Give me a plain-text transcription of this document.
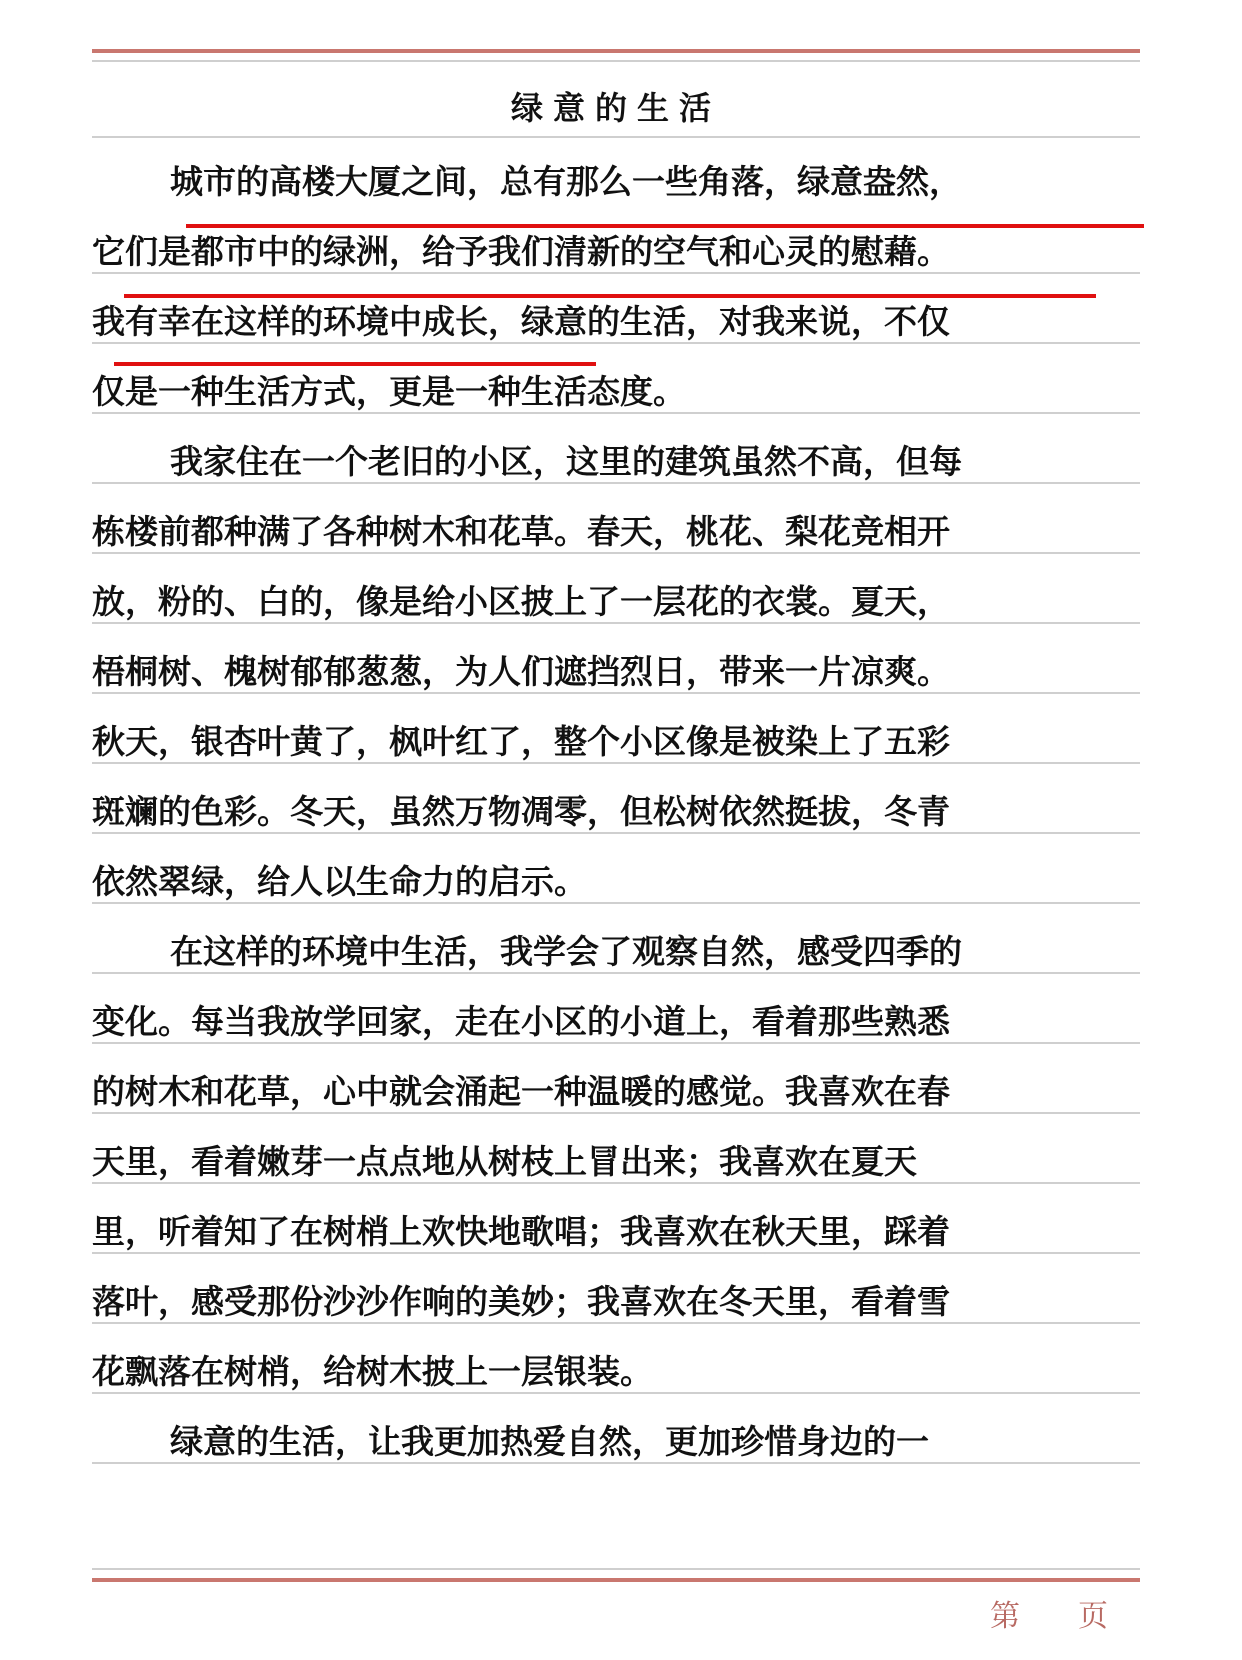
绿意的生活
城市的高楼大厦之间，总有那么一些角落，绿意盎然，
它们是都市中的绿洲，给予我们清新的空气和心灵的慰藉。
我有幸在这样的环境中成长，绿意的生活，对我来说，不仅
仅是一种生活方式，更是一种生活态度。
我家住在一个老旧的小区，这里的建筑虽然不高，但每
栋楼前都种满了各种树木和花草。春天，桃花、梨花竞相开
放，粉的、白的，像是给小区披上了一层花的衣裳。夏天，
梧桐树、槐树郁郁葱葱，为人们遮挡烈日，带来一片凉爽。
秋天，银杏叶黄了，枫叶红了，整个小区像是被染上了五彩
斑斓的色彩。冬天，虽然万物凋零，但松树依然挺拔，冬青
依然翠绿，给人以生命力的启示。
在这样的环境中生活，我学会了观察自然，感受四季的
变化。每当我放学回家，走在小区的小道上，看着那些熟悉
的树木和花草，心中就会涌起一种温暖的感觉。我喜欢在春
天里，看着嫩芽一点点地从树枝上冒出来；我喜欢在夏天
里，听着知了在树梢上欢快地歌唱；我喜欢在秋天里，踩着
落叶，感受那份沙沙作响的美妙；我喜欢在冬天里，看着雪
花飘落在树梢，给树木披上一层银装。
绿意的生活，让我更加热爱自然，更加珍惜身边的一
第 页
